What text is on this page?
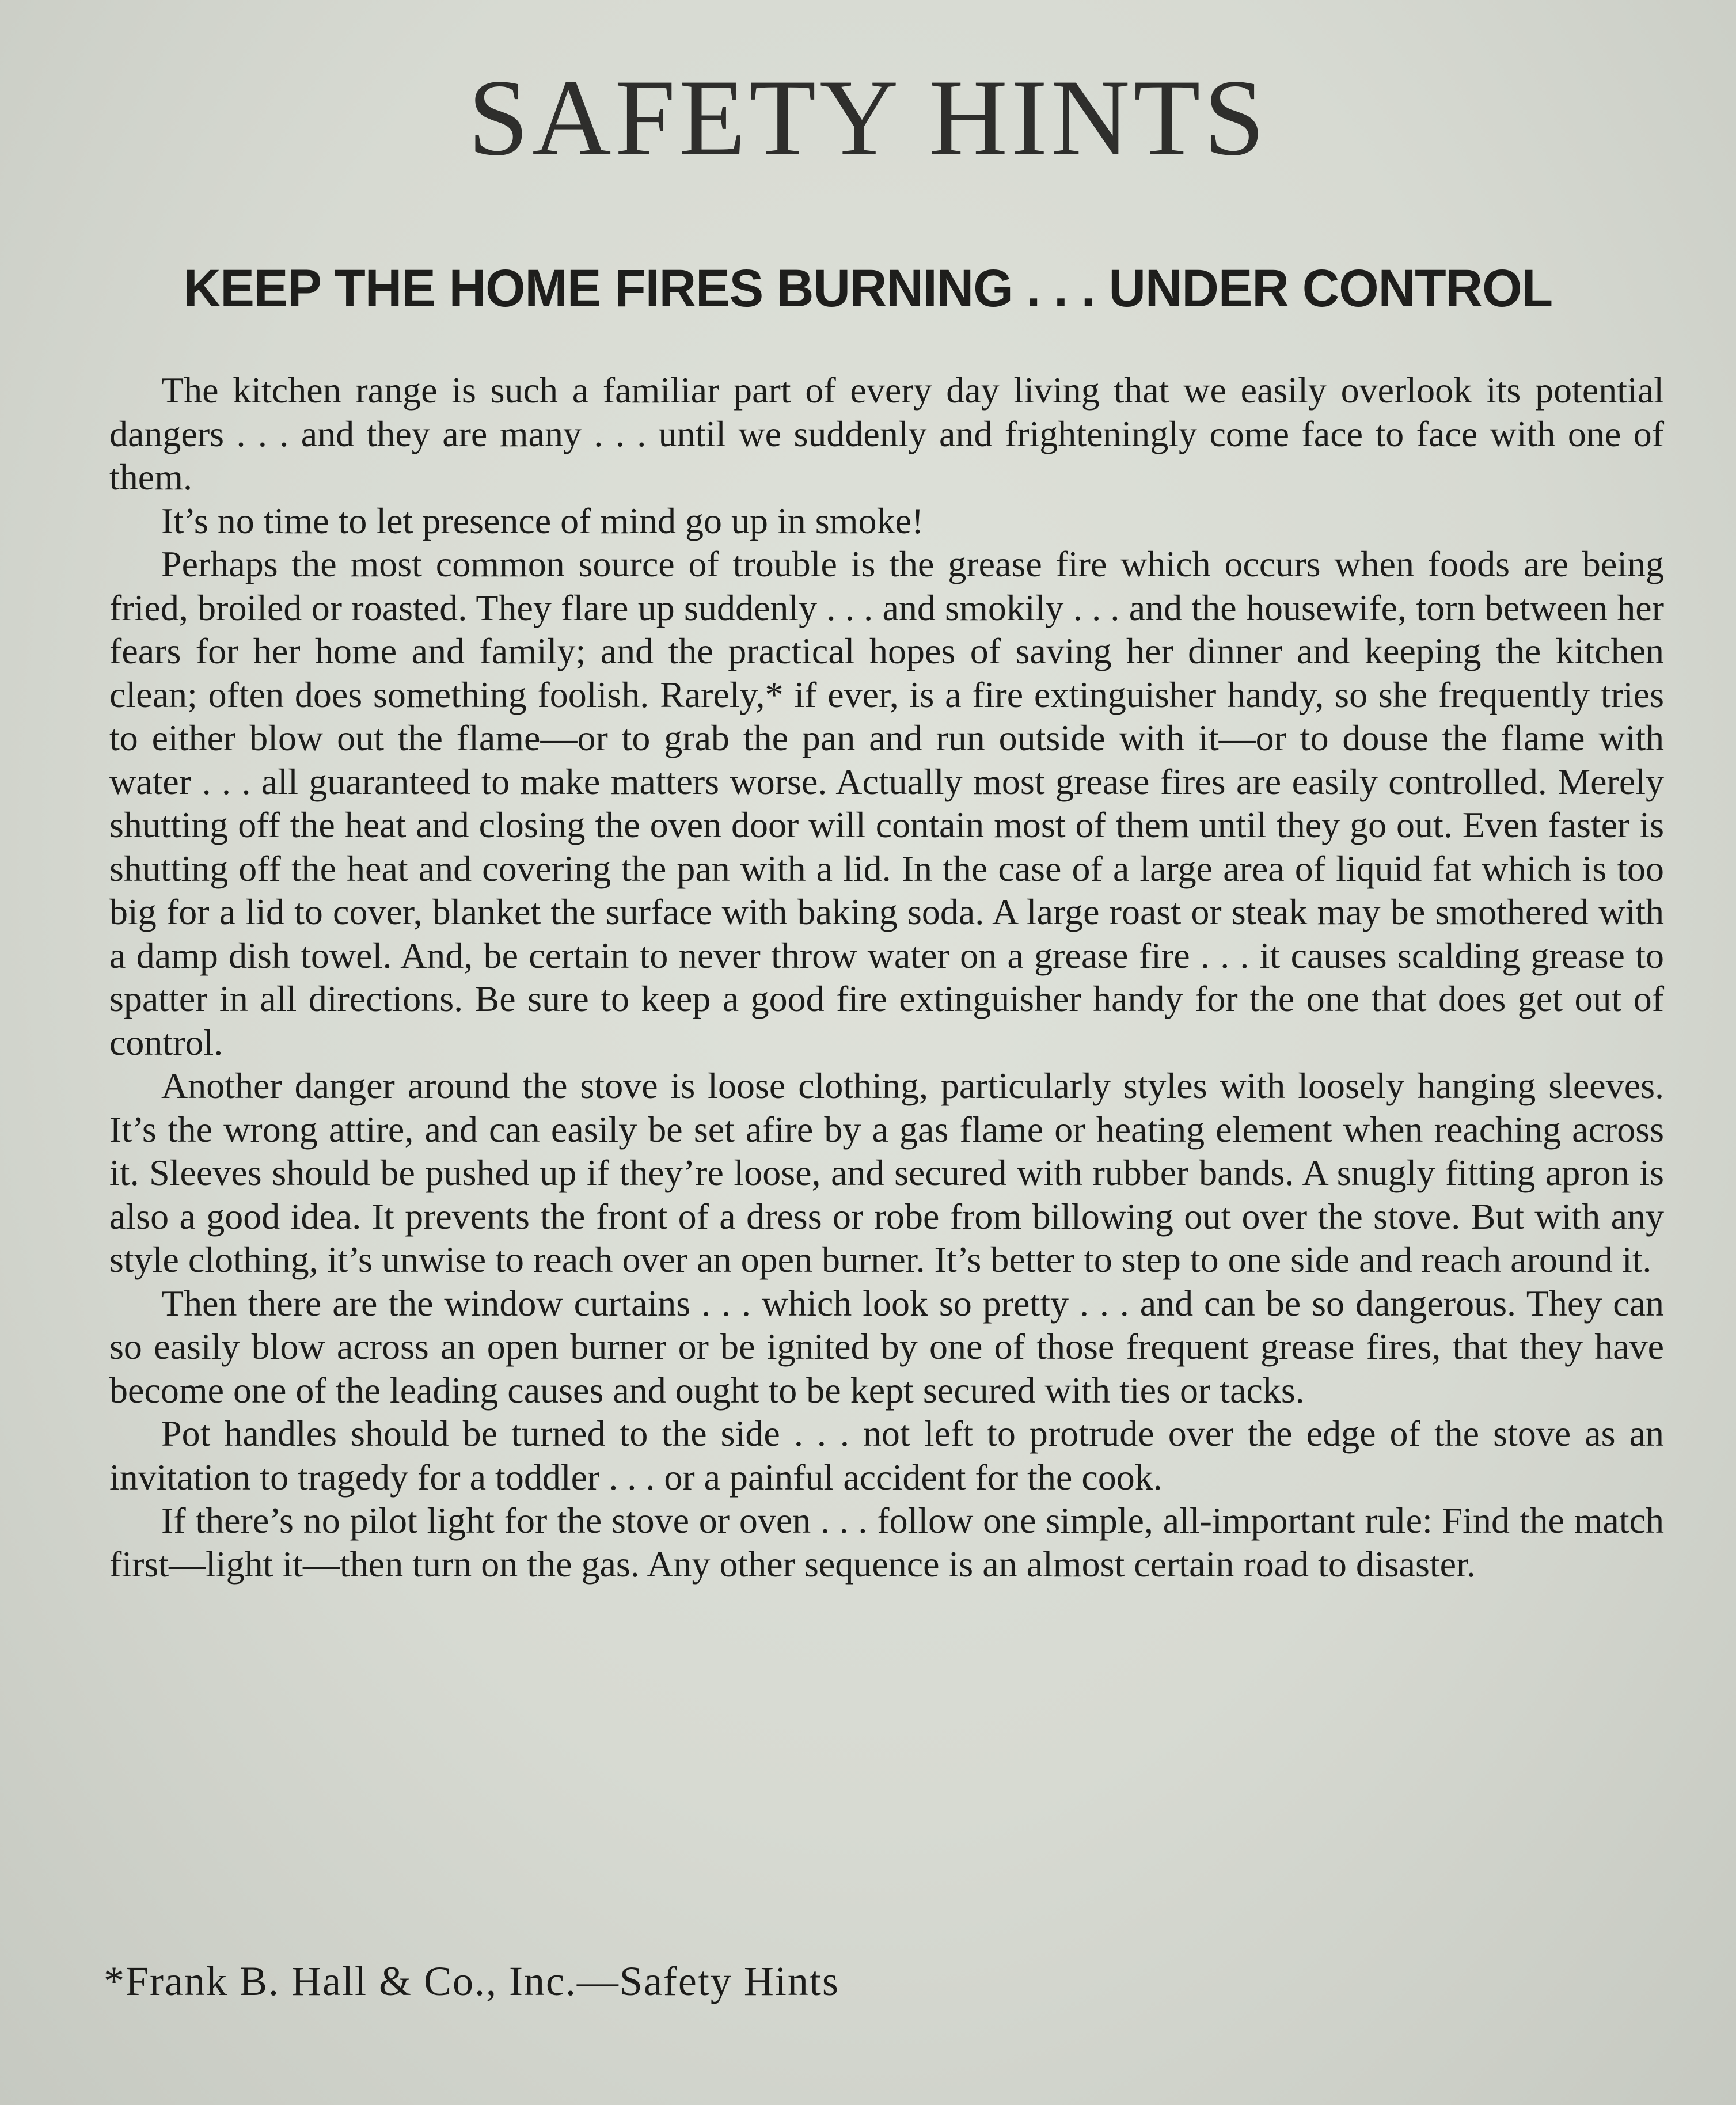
SAFETY HINTS
KEEP THE HOME FIRES BURNING . . . UNDER CONTROL

The kitchen range is such a familiar part of every day living that we easily overlook its potential dangers . . . and they are many . . . until we suddenly and frighteningly come face to face with one of them.

It’s no time to let presence of mind go up in smoke!

Perhaps the most common source of trouble is the grease fire which occurs when foods are being fried, broiled or roasted. They flare up suddenly . . . and smokily . . . and the housewife, torn between her fears for her home and family; and the practical hopes of saving her dinner and keeping the kitchen clean; often does something foolish. Rarely,* if ever, is a fire extinguisher handy, so she frequently tries to either blow out the flame—or to grab the pan and run outside with it—or to douse the flame with water . . . all guaranteed to make matters worse. Actually most grease fires are easily controlled. Merely shutting off the heat and closing the oven door will contain most of them until they go out. Even faster is shutting off the heat and covering the pan with a lid. In the case of a large area of liquid fat which is too big for a lid to cover, blanket the surface with baking soda. A large roast or steak may be smothered with a damp dish towel. And, be certain to never throw water on a grease fire . . . it causes scalding grease to spatter in all directions. Be sure to keep a good fire extinguisher handy for the one that does get out of control.

Another danger around the stove is loose clothing, particularly styles with loosely hanging sleeves. It’s the wrong attire, and can easily be set afire by a gas flame or heating element when reaching across it. Sleeves should be pushed up if they’re loose, and secured with rubber bands. A snugly fitting apron is also a good idea. It prevents the front of a dress or robe from billowing out over the stove. But with any style clothing, it’s unwise to reach over an open burner. It’s better to step to one side and reach around it.

Then there are the window curtains . . . which look so pretty . . . and can be so dangerous. They can so easily blow across an open burner or be ignited by one of those frequent grease fires, that they have become one of the leading causes and ought to be kept secured with ties or tacks.

Pot handles should be turned to the side . . . not left to protrude over the edge of the stove as an invitation to tragedy for a toddler . . . or a painful accident for the cook.

If there’s no pilot light for the stove or oven . . . follow one simple, all-important rule: Find the match first—light it—then turn on the gas. Any other sequence is an almost certain road to disaster.

*Frank B. Hall & Co., Inc.—Safety Hints
